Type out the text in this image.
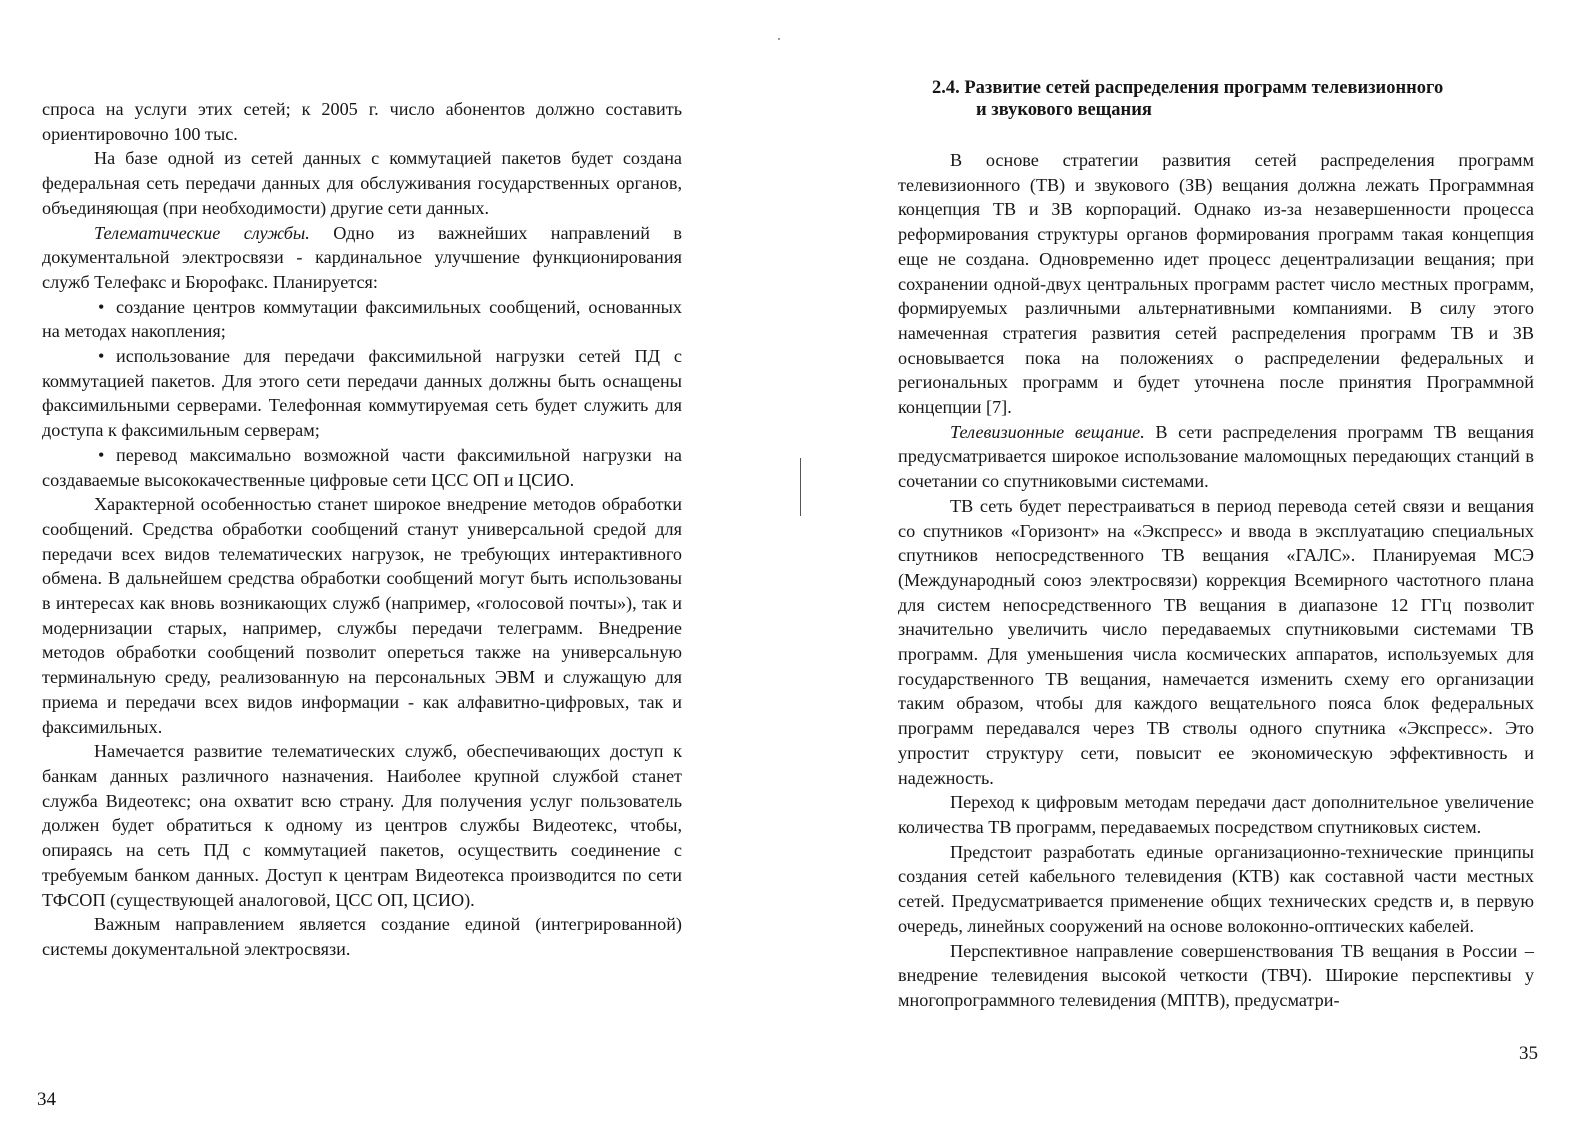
спроса на услуги этих сетей; к 2005 г. число абонентов должно составить ориентировочно 100 тыс.

На базе одной из сетей данных с коммутацией пакетов будет создана федеральная сеть передачи данных для обслуживания государственных органов, объединяющая (при необходимости) другие сети данных.

Телематические службы. Одно из важнейших направлений в документальной электросвязи - кардинальное улучшение функционирования служб Телефакс и Бюрофакс. Планируется:

• создание центров коммутации факсимильных сообщений, основанных на методах накопления;

• использование для передачи факсимильной нагрузки сетей ПД с коммутацией пакетов. Для этого сети передачи данных должны быть оснащены факсимильными серверами. Телефонная коммутируемая сеть будет служить для доступа к факсимильным серверам;

• перевод максимально возможной части факсимильной нагрузки на создаваемые высококачественные цифровые сети ЦСС ОП и ЦСИО.

Характерной особенностью станет широкое внедрение методов обработки сообщений. Средства обработки сообщений станут универсальной средой для передачи всех видов телематических нагрузок, не требующих интерактивного обмена. В дальнейшем средства обработки сообщений могут быть использованы в интересах как вновь возникающих служб (например, «голосовой почты»), так и модернизации старых, например, службы передачи телеграмм. Внедрение методов обработки сообщений позволит опереться также на универсальную терминальную среду, реализованную на персональных ЭВМ и служащую для приема и передачи всех видов информации - как алфавитно-цифровых, так и факсимильных.

Намечается развитие телематических служб, обеспечивающих доступ к банкам данных различного назначения. Наиболее крупной службой станет служба Видеотекс; она охватит всю страну. Для получения услуг пользователь должен будет обратиться к одному из центров службы Видеотекс, чтобы, опираясь на сеть ПД с коммутацией пакетов, осуществить соединение с требуемым банком данных. Доступ к центрам Видеотекса производится по сети ТФСОП (существующей аналоговой, ЦСС ОП, ЦСИО).

Важным направлением является создание единой (интегрированной) системы документальной электросвязи.

34
2.4. Развитие сетей распределения программ телевизионного
и звукового вещания

В основе стратегии развития сетей распределения программ телевизионного (ТВ) и звукового (ЗВ) вещания должна лежать Программная концепция ТВ и ЗВ корпораций. Однако из-за незавершенности процесса реформирования структуры органов формирования программ такая концепция еще не создана. Одновременно идет процесс децентрализации вещания; при сохранении одной-двух центральных программ растет число местных программ, формируемых различными альтернативными компаниями. В силу этого намеченная стратегия развития сетей распределения программ ТВ и ЗВ основывается пока на положениях о распределении федеральных и региональных программ и будет уточнена после принятия Программной концепции [7].

Телевизионные вещание. В сети распределения программ ТВ вещания предусматривается широкое использование маломощных передающих станций в сочетании со спутниковыми системами.

ТВ сеть будет перестраиваться в период перевода сетей связи и вещания со спутников «Горизонт» на «Экспресс» и ввода в эксплуатацию специальных спутников непосредственного ТВ вещания «ГАЛС». Планируемая МСЭ (Международный союз электросвязи) коррекция Всемирного частотного плана для систем непосредственного ТВ вещания в диапазоне 12 ГГц позволит значительно увеличить число передаваемых спутниковыми системами ТВ программ. Для уменьшения числа космических аппаратов, используемых для государственного ТВ вещания, намечается изменить схему его организации таким образом, чтобы для каждого вещательного пояса блок федеральных программ передавался через ТВ стволы одного спутника «Экспресс». Это упростит структуру сети, повысит ее экономическую эффективность и надежность.

Переход к цифровым методам передачи даст дополнительное увеличение количества ТВ программ, передаваемых посредством спутниковых систем.

Предстоит разработать единые организационно-технические принципы создания сетей кабельного телевидения (КТВ) как составной части местных сетей. Предусматривается применение общих технических средств и, в первую очередь, линейных сооружений на основе волоконно-оптических кабелей.

Перспективное направление совершенствования ТВ вещания в России – внедрение телевидения высокой четкости (ТВЧ). Широкие перспективы у многопрограммного телевидения (МПТВ), предусматри-

35
